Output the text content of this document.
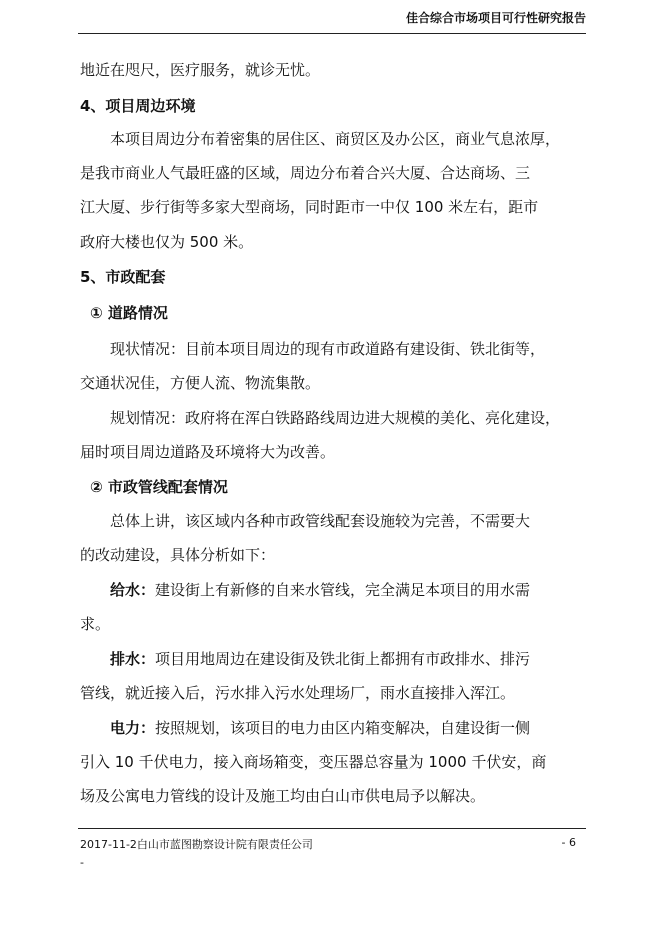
佳合综合市场项目可行性研究报告
地近在咫尺，医疗服务，就诊无忧。
4、项目周边环境
本项目周边分布着密集的居住区、商贸区及办公区，商业气息浓厚，
是我市商业人气最旺盛的区域，周边分布着合兴大厦、合达商场、三
江大厦、步行街等多家大型商场，同时距市一中仅 100 米左右，距市
政府大楼也仅为 500 米。
5、市政配套
① 道路情况
现状情况：目前本项目周边的现有市政道路有建设街、铁北街等，
交通状况佳，方便人流、物流集散。
规划情况：政府将在浑白铁路路线周边进大规模的美化、亮化建设，
届时项目周边道路及环境将大为改善。
② 市政管线配套情况
总体上讲，该区域内各种市政管线配套设施较为完善，不需要大
的改动建设，具体分析如下：
给水：建设街上有新修的自来水管线，完全满足本项目的用水需
求。
排水：项目用地周边在建设街及铁北街上都拥有市政排水、排污
管线，就近接入后，污水排入污水处理场厂，雨水直接排入浑江。
电力：按照规划，该项目的电力由区内箱变解决，自建设街一侧
引入 10 千伏电力，接入商场箱变，变压器总容量为 1000 千伏安，商
场及公寓电力管线的设计及施工均由白山市供电局予以解决。
2017-11-2白山市蓝图勘察设计院有限责任公司	- 6
-
